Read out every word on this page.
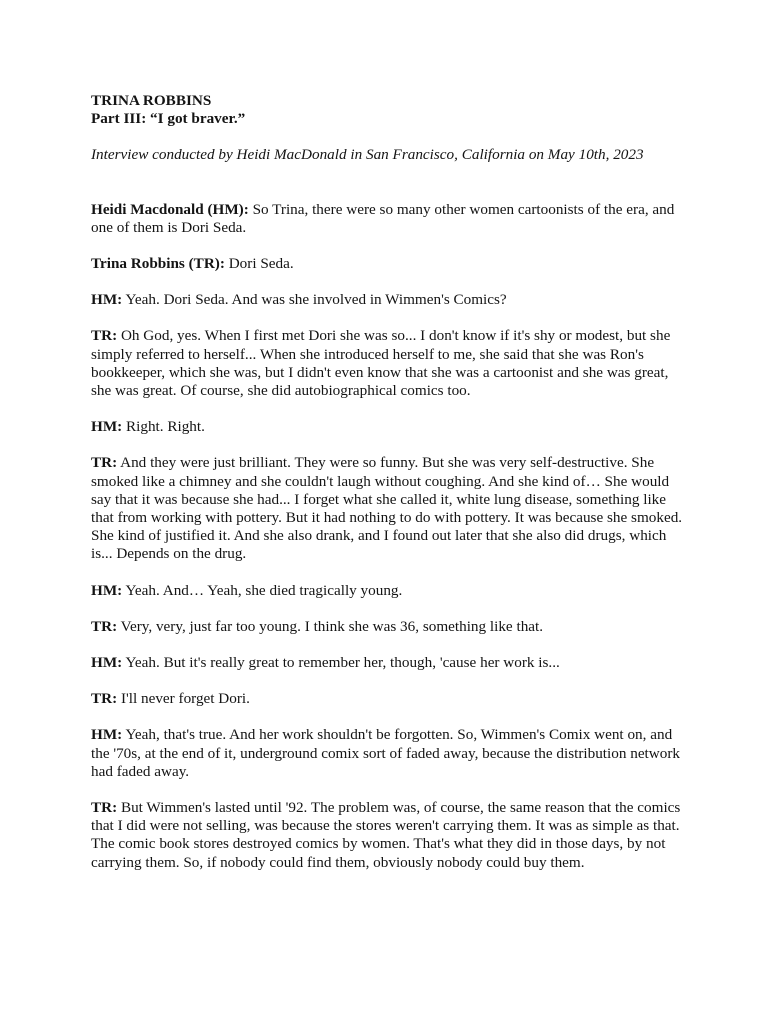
TRINA ROBBINS

Part III: “I got braver.”

Interview conducted by Heidi MacDonald in San Francisco, California on May 10th, 2023

Heidi Macdonald (HM): So Trina, there were so many other women cartoonists of the era, and one of them is Dori Seda.

Trina Robbins (TR): Dori Seda.

HM: Yeah. Dori Seda. And was she involved in Wimmen's Comics?

TR: Oh God, yes. When I first met Dori she was so... I don't know if it's shy or modest, but she simply referred to herself... When she introduced herself to me, she said that she was Ron's bookkeeper, which she was, but I didn't even know that she was a cartoonist and she was great, she was great. Of course, she did autobiographical comics too.

HM: Right. Right.

TR: And they were just brilliant. They were so funny. But she was very self-destructive. She smoked like a chimney and she couldn't laugh without coughing. And she kind of… She would say that it was because she had... I forget what she called it, white lung disease, something like that from working with pottery. But it had nothing to do with pottery. It was because she smoked. She kind of justified it. And she also drank, and I found out later that she also did drugs, which is... Depends on the drug.

HM: Yeah. And… Yeah, she died tragically young.

TR: Very, very, just far too young. I think she was 36, something like that.

HM: Yeah. But it's really great to remember her, though, 'cause her work is...

TR: I'll never forget Dori.

HM: Yeah, that's true. And her work shouldn't be forgotten. So, Wimmen's Comix went on, and the '70s, at the end of it, underground comix sort of faded away, because the distribution network had faded away.

TR: But Wimmen's lasted until '92. The problem was, of course, the same reason that the comics that I did were not selling, was because the stores weren't carrying them. It was as simple as that. The comic book stores destroyed comics by women. That's what they did in those days, by not carrying them. So, if nobody could find them, obviously nobody could buy them.
